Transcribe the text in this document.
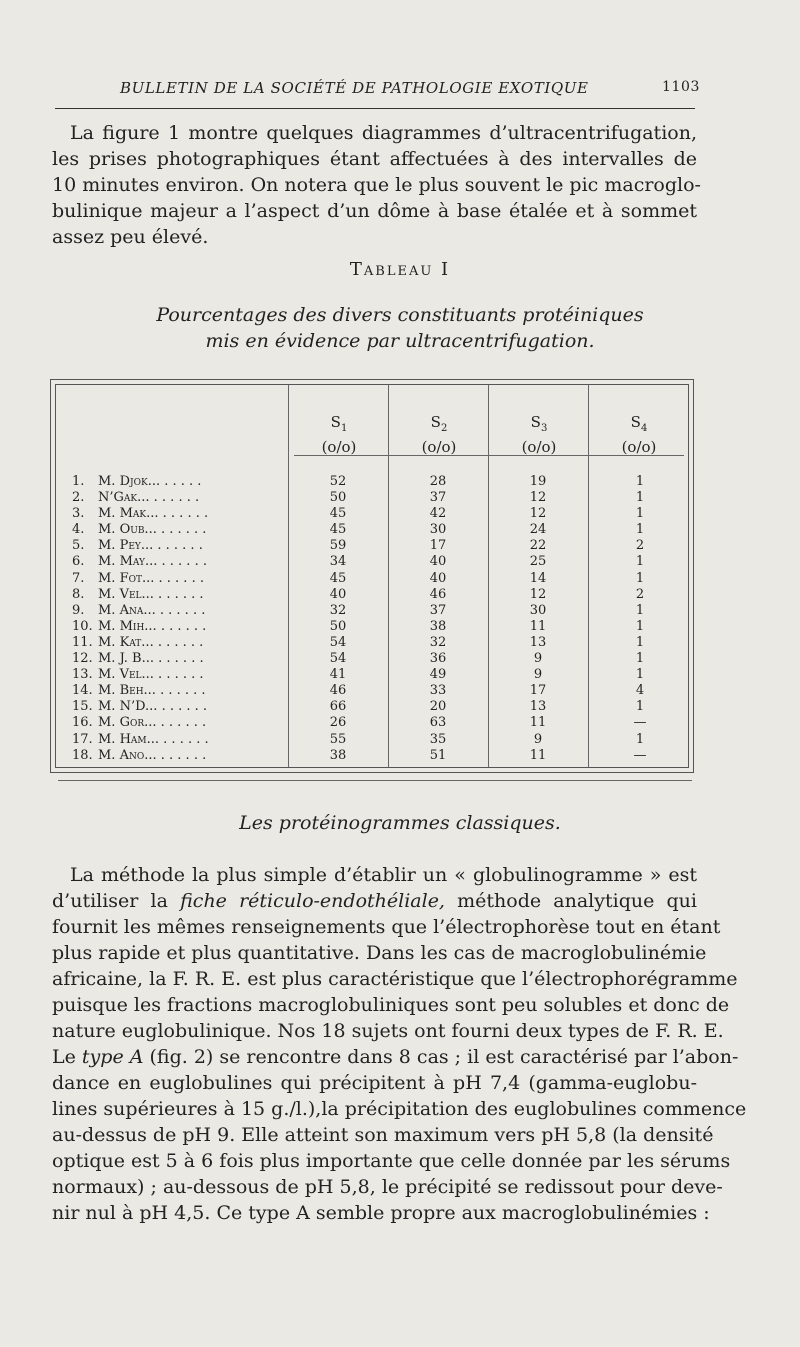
BULLETIN DE LA SOCIÉTÉ DE PATHOLOGIE EXOTIQUE	1103
La figure 1 montre quelques diagrammes d’ultracentrifugation,
les prises photographiques étant affectuées à des intervalles de
10 minutes environ. On notera que le plus souvent le pic macroglo-
bulinique majeur a l’aspect d’un dôme à base étalée et à sommet
assez peu élevé.
Tableau I
Pourcentages des divers constituants protéiniques
mis en évidence par ultracentrifugation.
$S_1$
(o/o)
$S_2$
(o/o)
$S_3$
(o/o)
$S_4$
(o/o)
1. M. Djok... . . . . .
2. N’Gak... . . . . . .
3. M. Mak... . . . . . .
4. M. Oub... . . . . . .
5. M. Pey... . . . . . .
6. M. May... . . . . . .
7. M. Fot... . . . . . .
8. M. Vel... . . . . . .
9. M. Ana... . . . . . .
10. M. Mih... . . . . . .
11. M. Kat... . . . . . .
12. M. J. B... . . . . . .
13. M. Vel... . . . . . .
14. M. Beh... . . . . . .
15. M. N’D... . . . . . .
16. M. Gor... . . . . . .
17. M. Ham... . . . . . .
18. M. Ano... . . . . . .
52
50
45
45
59
34
45
40
32
50
54
54
41
46
66
26
55
38
28
37
42
30
17
40
40
46
37
38
32
36
49
33
20
63
35
51
19
12
12
24
22
25
14
12
30
11
13
9
9
17
13
11
9
11
1
1
1
1
2
1
1
2
1
1
1
1
1
4
1
—
1
—
Les protéinogrammes classiques.
La méthode la plus simple d’établir un « globulinogramme » est
d’utiliser la fiche réticulo-endothéliale, méthode analytique qui
fournit les mêmes renseignements que l’électrophorèse tout en étant
plus rapide et plus quantitative. Dans les cas de macroglobulinémie
africaine, la F. R. E. est plus caractéristique que l’électrophorégramme
puisque les fractions macroglobuliniques sont peu solubles et donc de
nature euglobulinique. Nos 18 sujets ont fourni deux types de F. R. E.
Le type A (fig. 2) se rencontre dans 8 cas ; il est caractérisé par l’abon-
dance en euglobulines qui précipitent à pH 7,4 (gamma-euglobu-
lines supérieures à 15 g./l.),la précipitation des euglobulines commence
au-dessus de pH 9. Elle atteint son maximum vers pH 5,8 (la densité
optique est 5 à 6 fois plus importante que celle donnée par les sérums
normaux) ; au-dessous de pH 5,8, le précipité se redissout pour deve-
nir nul à pH 4,5. Ce type A semble propre aux macroglobulinémies :
